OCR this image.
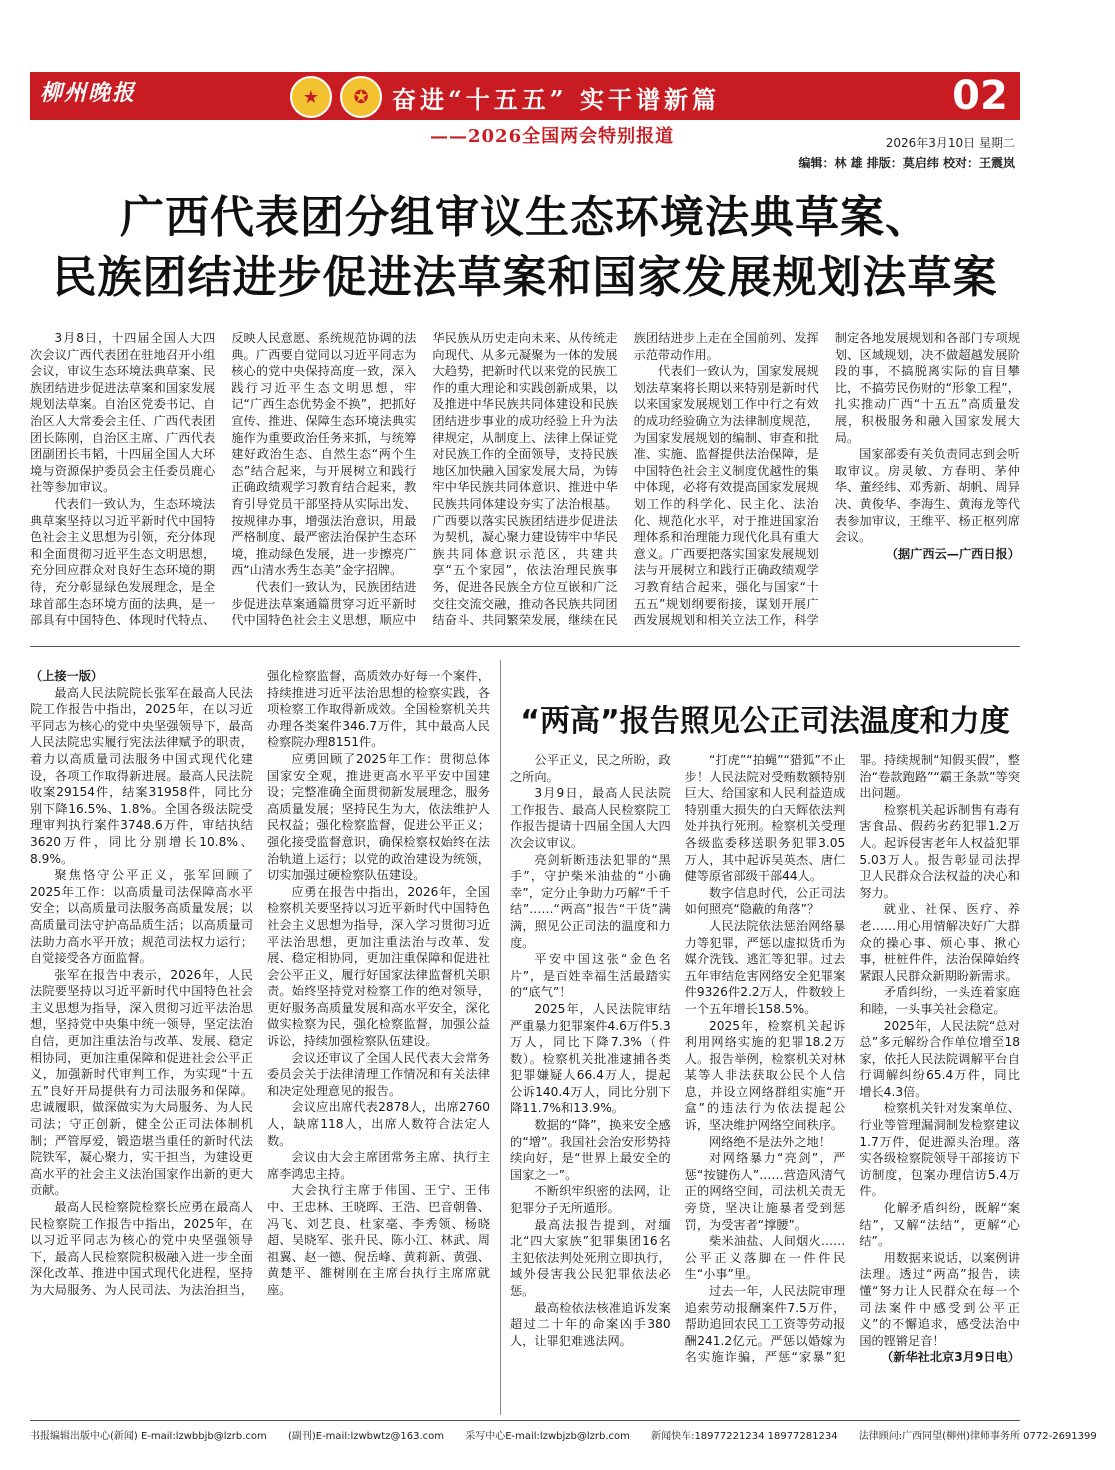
柳州晚报	★	✪ 奋进“十五五” 实干谱新篇
——2026全国两会特别报道
02
2026年3月10日 星期二
编辑：林 雄 排版：莫启纬 校对：王震岚
广西代表团分组审议生态环境法典草案、
民族团结进步促进法草案和国家发展规划法草案

3月8日，十四届全国人大四次会议广西代表团在驻地召开小组会议，审议生态环境法典草案、民族团结进步促进法草案和国家发展规划法草案。自治区党委书记、自治区人大常委会主任、广西代表团团长陈刚，自治区主席、广西代表团副团长韦韬，十四届全国人大环境与资源保护委员会主任委员鹿心社等参加审议。

代表们一致认为，生态环境法典草案坚持以习近平新时代中国特色社会主义思想为引领，充分体现和全面贯彻习近平生态文明思想，充分回应群众对良好生态环境的期待，充分彰显绿色发展理念，是全球首部生态环境方面的法典，是一部具有中国特色、体现时代特点、反映人民意愿、系统规范协调的法典。广西要自觉同以习近平同志为核心的党中央保持高度一致，深入践行习近平生态文明思想，牢记“广西生态优势金不换”，把抓好宣传、推进、保障生态环境法典实施作为重要政治任务来抓，与统筹建好政治生态、自然生态“两个生态”结合起来，与开展树立和践行正确政绩观学习教育结合起来，教育引导党员干部坚持从实际出发、按规律办事，增强法治意识，用最严格制度、最严密法治保护生态环境，推动绿色发展，进一步擦亮广西“山清水秀生态美”金字招牌。

代表们一致认为，民族团结进步促进法草案通篇贯穿习近平新时代中国特色社会主义思想，顺应中华民族从历史走向未来、从传统走向现代、从多元凝聚为一体的发展大趋势，把新时代以来党的民族工作的重大理论和实践创新成果，以及推进中华民族共同体建设和民族团结进步事业的成功经验上升为法律规定，从制度上、法律上保证党对民族工作的全面领导，支持民族地区加快融入国家发展大局，为铸牢中华民族共同体意识、推进中华民族共同体建设夯实了法治根基。广西要以落实民族团结进步促进法为契机，凝心聚力建设铸牢中华民族共同体意识示范区，共建共享“五个家园”，依法治理民族事务，促进各民族全方位互嵌和广泛交往交流交融，推动各民族共同团结奋斗、共同繁荣发展，继续在民族团结进步上走在全国前列、发挥示范带动作用。

代表们一致认为，国家发展规划法草案将长期以来特别是新时代以来国家发展规划工作中行之有效的成功经验确立为法律制度规范，为国家发展规划的编制、审查和批准、实施、监督提供法治保障，是中国特色社会主义制度优越性的集中体现，必将有效提高国家发展规划工作的科学化、民主化、法治化、规范化水平，对于推进国家治理体系和治理能力现代化具有重大意义。广西要把落实国家发展规划法与开展树立和践行正确政绩观学习教育结合起来，强化与国家“十五五”规划纲要衔接，谋划开展广西发展规划和相关立法工作，科学制定各地发展规划和各部门专项规划、区域规划，决不做超越发展阶段的事，不搞脱离实际的盲目攀比，不搞劳民伤财的“形象工程”，扎实推动广西“十五五”高质量发展，积极服务和融入国家发展大局。

国家部委有关负责同志到会听取审议。房灵敏、方春明、茅仲华、董经纬、邓秀新、胡帆、周异决、黄俊华、李海生、黄海龙等代表参加审议，王维平、杨正枢列席会议。

（据广西云—广西日报）

（上接一版）

最高人民法院院长张军在最高人民法院工作报告中指出，2025年，在以习近平同志为核心的党中央坚强领导下，最高人民法院忠实履行宪法法律赋予的职责，着力以高质量司法服务中国式现代化建设，各项工作取得新进展。最高人民法院收案29154件，结案31958件，同比分别下降16.5%、1.8%。全国各级法院受理审判执行案件3748.6万件，审结执结3620万件，同比分别增长10.8%、8.9%。

聚焦恪守公平正义，张军回顾了2025年工作：以高质量司法保障高水平安全；以高质量司法服务高质量发展；以高质量司法守护高品质生活；以高质量司法助力高水平开放；规范司法权力运行；自觉接受各方面监督。

张军在报告中表示，2026年，人民法院要坚持以习近平新时代中国特色社会主义思想为指导，深入贯彻习近平法治思想，坚持党中央集中统一领导，坚定法治自信，更加注重法治与改革、发展、稳定相协同，更加注重保障和促进社会公平正义，加强新时代审判工作，为实现“十五五”良好开局提供有力司法服务和保障。忠诚履职，做深做实为大局服务、为人民司法；守正创新，健全公正司法体制机制；严管厚爱，锻造堪当重任的新时代法院铁军，凝心聚力，实干担当，为建设更高水平的社会主义法治国家作出新的更大贡献。

最高人民检察院检察长应勇在最高人民检察院工作报告中指出，2025年，在以习近平同志为核心的党中央坚强领导下，最高人民检察院积极融入进一步全面深化改革、推进中国式现代化进程，坚持为大局服务、为人民司法、为法治担当，强化检察监督，高质效办好每一个案件，持续推进习近平法治思想的检察实践，各项检察工作取得新成效。全国检察机关共办理各类案件346.7万件，其中最高人民检察院办理8151件。

应勇回顾了2025年工作：贯彻总体国家安全观，推进更高水平平安中国建设；完整准确全面贯彻新发展理念，服务高质量发展；坚持民生为大，依法维护人民权益；强化检察监督，促进公平正义；强化接受监督意识，确保检察权始终在法治轨道上运行；以党的政治建设为统领，切实加强过硬检察队伍建设。

应勇在报告中指出，2026年，全国检察机关要坚持以习近平新时代中国特色社会主义思想为指导，深入学习贯彻习近平法治思想，更加注重法治与改革、发展、稳定相协同，更加注重保障和促进社会公平正义，履行好国家法律监督机关职责。始终坚持党对检察工作的绝对领导，更好服务高质量发展和高水平安全，深化做实检察为民，强化检察监督，加强公益诉讼，持续加强检察队伍建设。

会议还审议了全国人民代表大会常务委员会关于法律清理工作情况和有关法律和决定处理意见的报告。

会议应出席代表2878人，出席2760人，缺席118人，出席人数符合法定人数。

会议由大会主席团常务主席、执行主席李鸿忠主持。

大会执行主席于伟国、王宁、王伟中、王忠林、王晓晖、王浩、巴音朝鲁、冯飞、刘艺良、杜家毫、李秀领、杨晓超、吴晓军、张升民、陈小江、林武、周祖翼、赵一德、倪岳峰、黄莉新、黄强、黄楚平、雒树刚在主席台执行主席席就座。

“两高”报告照见公正司法温度和力度

公平正义，民之所盼，政之所向。

3月9日，最高人民法院工作报告、最高人民检察院工作报告提请十四届全国人大四次会议审议。

亮剑斩断违法犯罪的“黑手”，守护柴米油盐的“小确幸”，定分止争助力巧解“千千结”……“两高”报告“干货”满满，照见公正司法的温度和力度。

平安中国这张“金色名片”，是百姓幸福生活最踏实的“底气”！

2025年，人民法院审结严重暴力犯罪案件4.6万件5.3万人，同比下降7.3%（件数）。检察机关批准逮捕各类犯罪嫌疑人66.4万人，提起公诉140.4万人，同比分别下降11.7%和13.9%。

数据的“降”，换来安全感的“增”。我国社会治安形势持续向好，是“世界上最安全的国家之一”。

不断织牢织密的法网，让犯罪分子无所遁形。

最高法报告提到，对缅北“四大家族”犯罪集团16名主犯依法判处死刑立即执行，域外侵害我公民犯罪依法必惩。

最高检依法核准追诉发案超过二十年的命案凶手380人，让罪犯难逃法网。

“打虎”“拍蝇”“猎狐”不止步！人民法院对受贿数额特别巨大、给国家和人民利益造成特别重大损失的白天辉依法判处并执行死刑。检察机关受理各级监委移送职务犯罪3.05万人，其中起诉吴英杰、唐仁健等原省部级干部44人。

数字信息时代，公正司法如何照亮“隐蔽的角落”？

人民法院依法惩治网络暴力等犯罪，严惩以虚拟货币为媒介洗钱、逃汇等犯罪。过去五年审结危害网络安全犯罪案件9326件2.2万人，件数较上一个五年增长158.5%。

2025年，检察机关起诉利用网络实施的犯罪18.2万人。报告举例，检察机关对林某等人非法获取公民个人信息，并设立网络群组实施“开盒”的违法行为依法提起公诉，坚决维护网络空间秩序。

网络绝不是法外之地！

对网络暴力“亮剑”，严惩“按键伤人”……营造风清气正的网络空间，司法机关责无旁贷，坚决让施暴者受到惩罚，为受害者“撑腰”。

柴米油盐、人间烟火……公平正义落脚在一件件民生“小事”里。

过去一年，人民法院审理追索劳动报酬案件7.5万件，帮助追回农民工工资等劳动报酬241.2亿元。严惩以婚嫁为名实施诈骗，严惩“家暴”犯罪。持续规制“知假买假”，整治“卷款跑路”“霸王条款”等突出问题。

检察机关起诉制售有毒有害食品、假药劣药犯罪1.2万人。起诉侵害老年人权益犯罪5.03万人。报告彰显司法捍卫人民群众合法权益的决心和努力。

就业、社保、医疗、养老……用心用情解决好广大群众的操心事、烦心事、揪心事，桩桩件件，法治保障始终紧跟人民群众新期盼新需求。

矛盾纠纷，一头连着家庭和睦，一头事关社会稳定。

2025年，人民法院“总对总”多元解纷合作单位增至18家，依托人民法院调解平台自行调解纠纷65.4万件，同比增长4.3倍。

检察机关针对发案单位、行业等管理漏洞制发检察建议1.7万件，促进源头治理。落实各级检察院领导干部接访下访制度，包案办理信访5.4万件。

化解矛盾纠纷，既解“案结”，又解“法结”，更解“心结”。

用数据来说话，以案例讲法理。透过“两高”报告，读懂“努力让人民群众在每一个司法案件中感受到公平正义”的不懈追求，感受法治中国的铿锵足音！

（新华社北京3月9日电）

书报编辑出版中心(新闻) E-mail:lzwbbjb@lzrb.com (副刊)E-mail:lzwbwtz@163.com 采写中心E-mail:lzwbjzb@lzrb.com 新闻快车:18977221234 18977281234 法律顾问:广西同望(柳州)律师事务所 0772-2691399
